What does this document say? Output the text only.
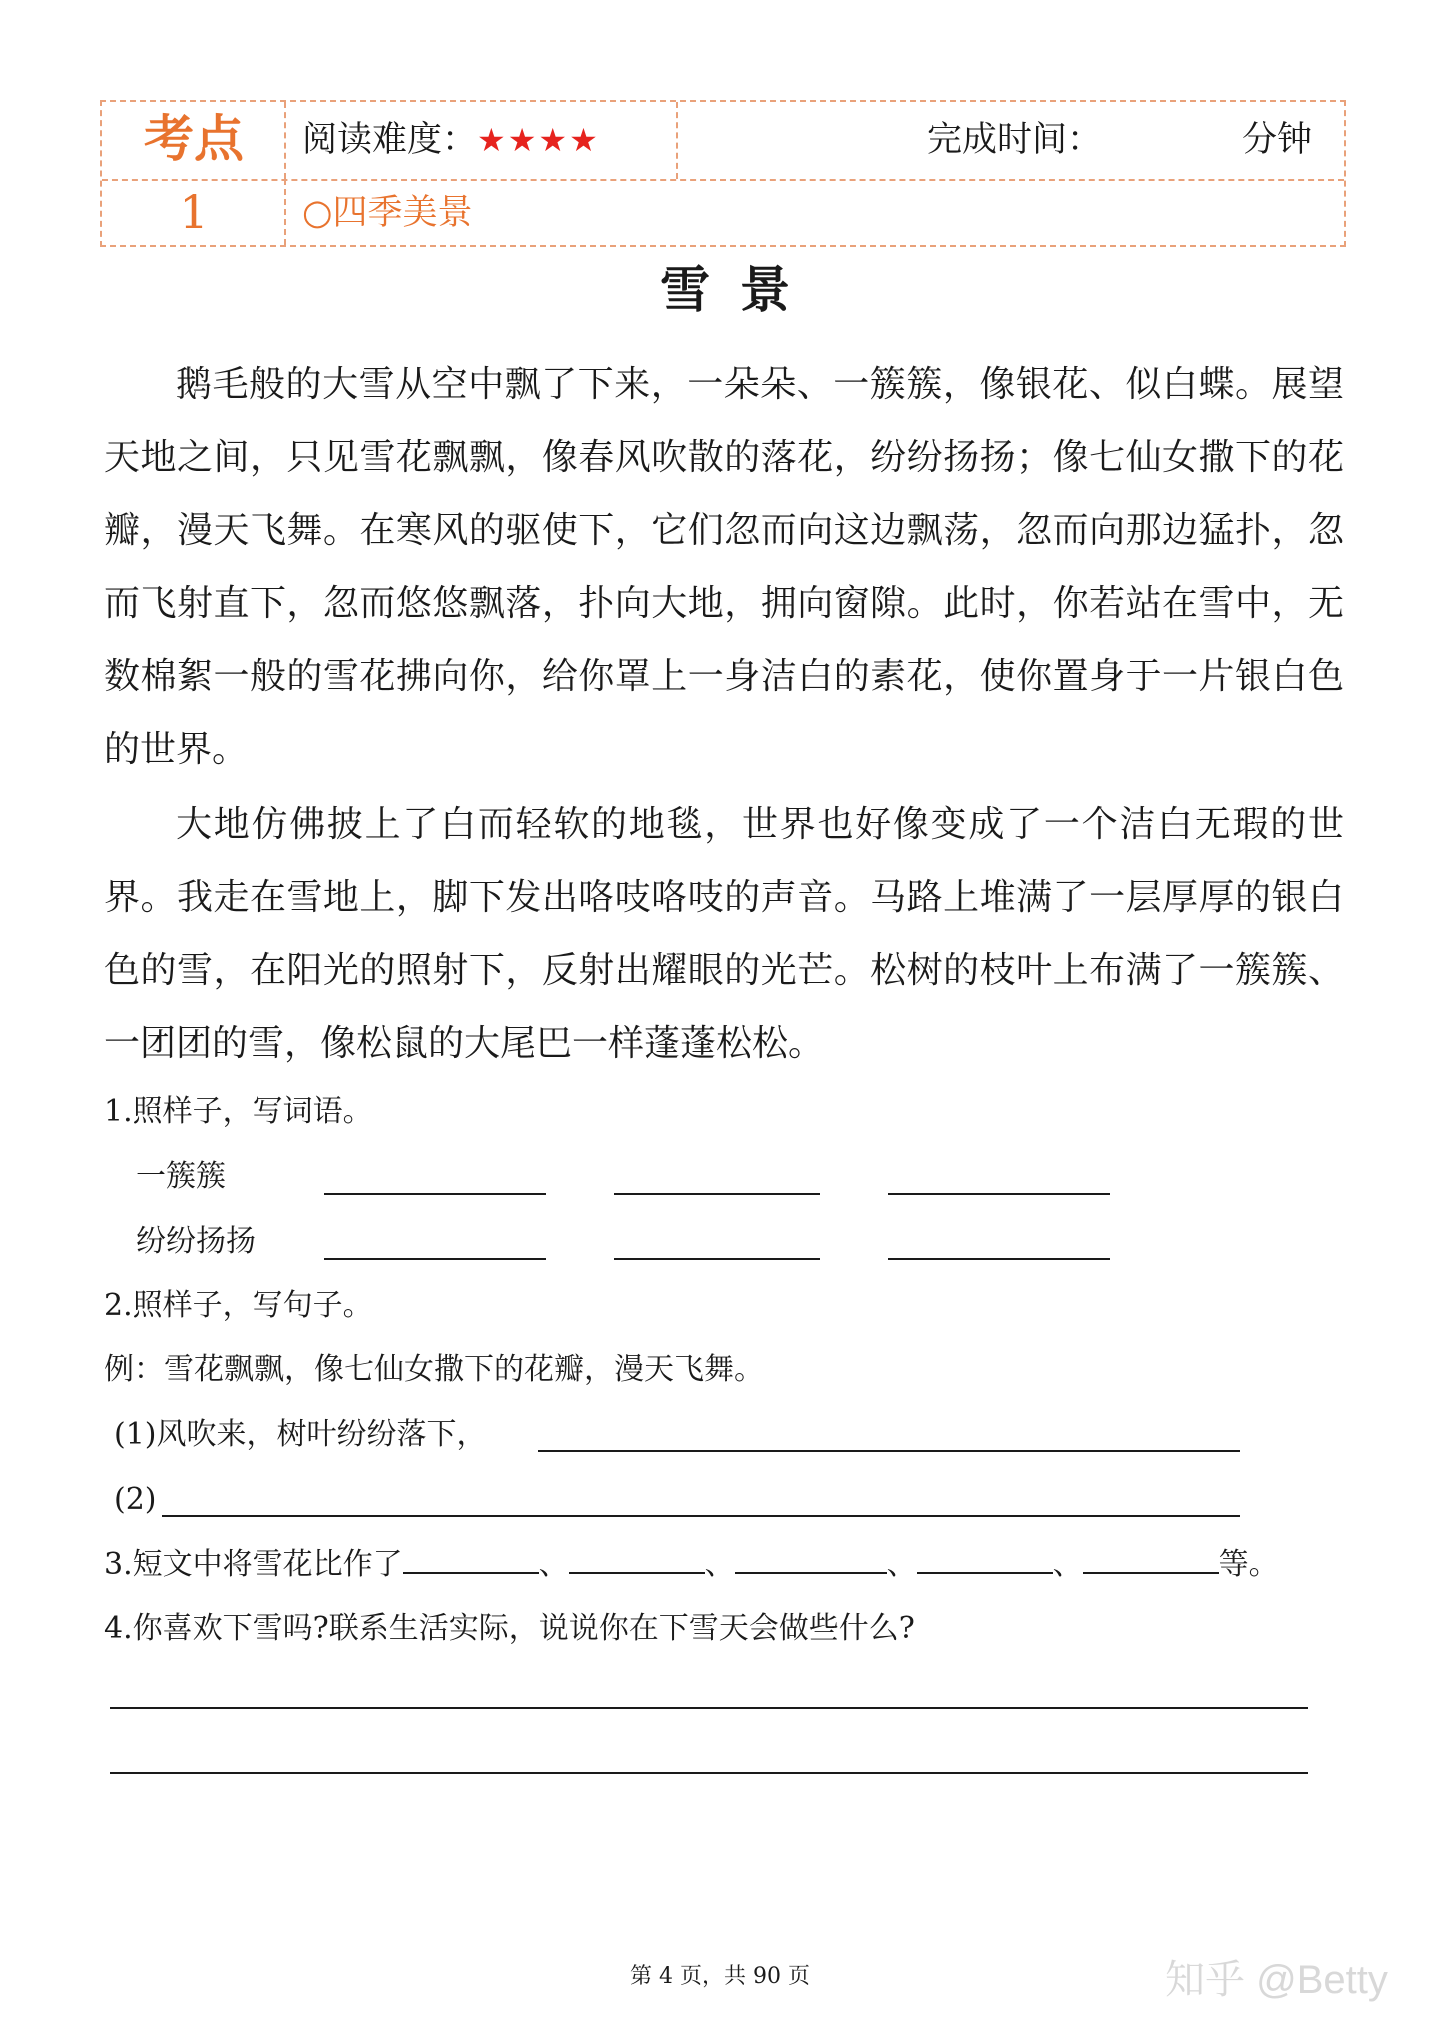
考点	阅读难度：★★★★	完成时间：	分钟
1	○四季美景
雪景

鹅毛般的大雪从空中飘了下来，一朵朵、一簇簇，像银花、似白蝶。展望天地之间，只见雪花飘飘，像春风吹散的落花，纷纷扬扬；像七仙女撒下的花瓣，漫天飞舞。在寒风的驱使下，它们忽而向这边飘荡，忽而向那边猛扑，忽而飞射直下，忽而悠悠飘落，扑向大地，拥向窗隙。此时，你若站在雪中，无数棉絮一般的雪花拂向你，给你罩上一身洁白的素花，使你置身于一片银白色的世界。

大地仿佛披上了白而轻软的地毯，世界也好像变成了一个洁白无瑕的世界。我走在雪地上，脚下发出咯吱咯吱的声音。马路上堆满了一层厚厚的银白色的雪，在阳光的照射下，反射出耀眼的光芒。松树的枝叶上布满了一簇簇、一团团的雪，像松鼠的大尾巴一样蓬蓬松松。

1.照样子，写词语。
一簇簇
纷纷扬扬
2.照样子，写句子。
例：雪花飘飘，像七仙女撒下的花瓣，漫天飞舞。
(1)风吹来，树叶纷纷落下，
(2)
3.短文中将雪花比作了	、	、	、	、	等。
4.你喜欢下雪吗?联系生活实际，说说你在下雪天会做些什么?
第 4 页，共 90 页	知乎 @Betty
